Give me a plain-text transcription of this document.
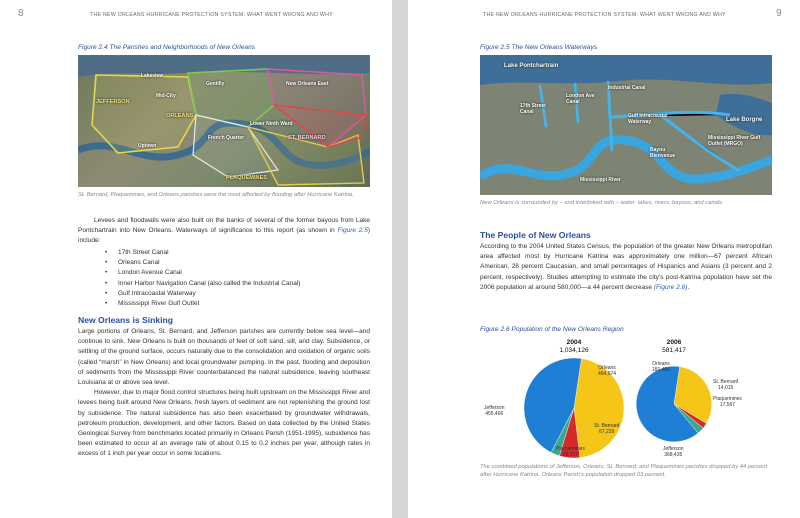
8	THE NEW ORLEANS HURRICANE PROTECTION SYSTEM: WHAT WENT WRONG AND WHY
Figure 2.4 The Parishes and Neighborhoods of New Orleans
Lakeview
JEFFERSON
ORLEANS
ST. BERNARD
PLAQUEMINES
Gentilly	New Orleans East
Lower Ninth Ward
Mid-City
French Quarter
Uptown
St. Bernard, Plaquemines, and Orleans parishes were the most affected by flooding after Hurricane Katrina.

Levees and floodwalls were also built on the banks of several of the former bayous from Lake Pontchartrain into New Orleans. Waterways of significance to this report (as shown in Figure 2.5) include:

• 17th Street Canal
• Orleans Canal
• London Avenue Canal
• Inner Harbor Navigation Canal (also called the Industrial Canal)
• Gulf Intracoastal Waterway
• Mississippi River Gulf Outlet
New Orleans is Sinking

Large portions of Orleans, St. Bernard, and Jefferson parishes are currently below sea level—and continue to sink. New Orleans is built on thousands of feet of soft sand, silt, and clay. Subsidence, or settling of the ground surface, occurs naturally due to the consolidation and oxidation of organic soils (called “marsh” in New Orleans) and local groundwater pumping. In the past, flooding and deposition of sediments from the Mississippi River counterbalanced the natural subsidence, leaving southeast Louisiana at or above sea level.

However, due to major flood control structures being built upstream on the Mississippi River and levees being built around New Orleans, fresh layers of sediment are not replenishing the ground lost by subsidence. The natural subsidence has also been exacerbated by groundwater withdrawals, petroleum production, development, and other factors. Based on data collected by the United States Geological Survey from benchmarks located primarily in Orleans Parish (1951-1995), subsidence has been estimated to occur at an average rate of about 0.15 to 0.2 inches per year, although rates in excess of 1 inch per year occur in some locations.

THE NEW ORLEANS HURRICANE PROTECTION SYSTEM: WHAT WENT WRONG AND WHY	9
Figure 2.5 The New Orleans Waterways
Lake Pontchartrain
17th Street Canal
London Ave Canal
Industrial Canal
Gulf Intracoastal Waterway	Lake Borgne
Mississippi River Gulf Outlet (MRGO)
Bayou Bienvenue
Mississippi River
New Orleans is surrounded by – and interlinked with – water: lakes, rivers, bayous, and canals.
The People of New Orleans

According to the 2004 United States Census, the population of the greater New Orleans metropolitan area affected most by Hurricane Katrina was approximately one million—67 percent African American, 28 percent Caucasian, and small percentages of Hispanics and Asians (3 percent and 2 percent, respectively). Studies attempting to estimate the city’s post-Katrina population have set the 2006 population at around 580,000—a 44 percent decrease (Figure 2.6).

Figure 2.6 Population of the New Orleans Region
2004
1,034,126
2006
581,417
Orleans
464,674
St. Bernard
67,229
Plaquemines
28,757
Jefferson
455,466
Orleans
181,400
St. Bernard
14,015
Plaquemines
17,567
Jefferson
368,435
The combined populations of Jefferson, Orleans, St. Bernard, and Plaquemines parishes dropped by 44 percent after Hurricane Katrina. Orleans Parish’s population dropped 63 percent.
